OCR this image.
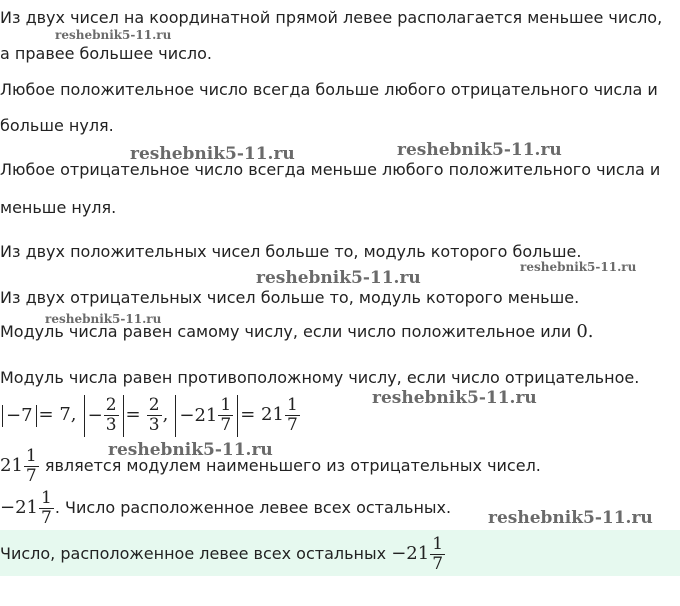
Из двух чисел на координатной прямой левее располагается меньшее число,
а правее большее число.
Любое положительное число всегда больше любого отрицательного числа и
больше нуля.
Любое отрицательное число всегда меньше любого положительного числа и
меньше нуля.
Из двух положительных чисел больше то, модуль которого больше.
Из двух отрицательных чисел больше то, модуль которого меньше.
Модуль числа равен самому числу, если число положительное или 0.
Модуль числа равен противоположному числу, если число отрицательное.
−7 = 7, − $\frac{2}{3} = \frac{2}{3}$ , $-21 \frac{1}{7} = 21 \frac{1}{7}$
$21 \frac{1}{7}$ является модулем наименьшего из отрицательных чисел.
$-21 \frac{1}{7}$ . Число расположенное левее всех остальных.
Число, расположенное левее всех остальных $-21 \frac{1}{7}$
reshebnik5-11.ru
reshebnik5-11.ru	reshebnik5-11.ru
reshebnik5-11.ru
reshebnik5-11.ru
reshebnik5-11.ru
reshebnik5-11.ru
reshebnik5-11.ru
reshebnik5-11.ru
